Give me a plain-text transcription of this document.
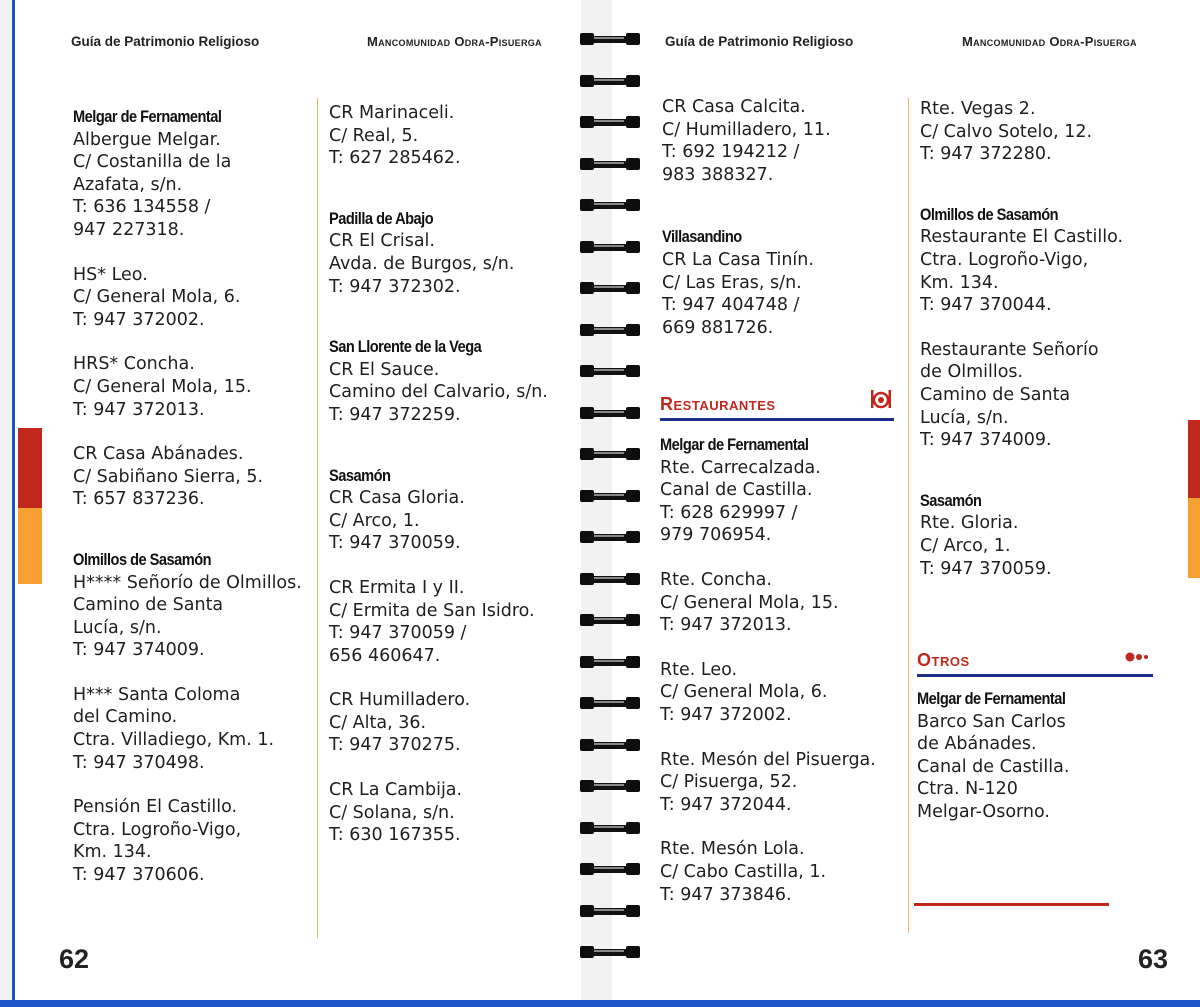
Guía de Patrimonio Religioso	Mancomunidad Odra-Pisuerga
Melgar de Fernamental
Albergue Melgar.
C/ Costanilla de la
Azafata, s/n.
T: 636 134558 /
947 227318.
HS* Leo.
C/ General Mola, 6.
T: 947 372002.
HRS* Concha.
C/ General Mola, 15.
T: 947 372013.
CR Casa Abánades.
C/ Sabiñano Sierra, 5.
T: 657 837236.
Olmillos de Sasamón
H**** Señorío de Olmillos.
Camino de Santa
Lucía, s/n.
T: 947 374009.
H*** Santa Coloma
del Camino.
Ctra. Villadiego, Km. 1.
T: 947 370498.
Pensión El Castillo.
Ctra. Logroño-Vigo,
Km. 134.
T: 947 370606.
CR Marinaceli.
C/ Real, 5.
T: 627 285462.
Padilla de Abajo
CR El Crisal.
Avda. de Burgos, s/n.
T: 947 372302.
San Llorente de la Vega
CR El Sauce.
Camino del Calvario, s/n.
T: 947 372259.
Sasamón
CR Casa Gloria.
C/ Arco, 1.
T: 947 370059.
CR Ermita I y II.
C/ Ermita de San Isidro.
T: 947 370059 /
656 460647.
CR Humilladero.
C/ Alta, 36.
T: 947 370275.
CR La Cambija.
C/ Solana, s/n.
T: 630 167355.
62
Guía de Patrimonio Religioso	Mancomunidad Odra-Pisuerga
CR Casa Calcita.
C/ Humilladero, 11.
T: 692 194212 /
983 388327.
Villasandino
CR La Casa Tinín.
C/ Las Eras, s/n.
T: 947 404748 /
669 881726.
Restaurantes
Melgar de Fernamental
Rte. Carrecalzada.
Canal de Castilla.
T: 628 629997 /
979 706954.
Rte. Concha.
C/ General Mola, 15.
T: 947 372013.
Rte. Leo.
C/ General Mola, 6.
T: 947 372002.
Rte. Mesón del Pisuerga.
C/ Pisuerga, 52.
T: 947 372044.
Rte. Mesón Lola.
C/ Cabo Castilla, 1.
T: 947 373846.
Rte. Vegas 2.
C/ Calvo Sotelo, 12.
T: 947 372280.
Olmillos de Sasamón
Restaurante El Castillo.
Ctra. Logroño-Vigo,
Km. 134.
T: 947 370044.
Restaurante Señorío
de Olmillos.
Camino de Santa
Lucía, s/n.
T: 947 374009.
Sasamón
Rte. Gloria.
C/ Arco, 1.
T: 947 370059.
Otros
Melgar de Fernamental
Barco San Carlos
de Abánades.
Canal de Castilla.
Ctra. N-120
Melgar-Osorno.
63
